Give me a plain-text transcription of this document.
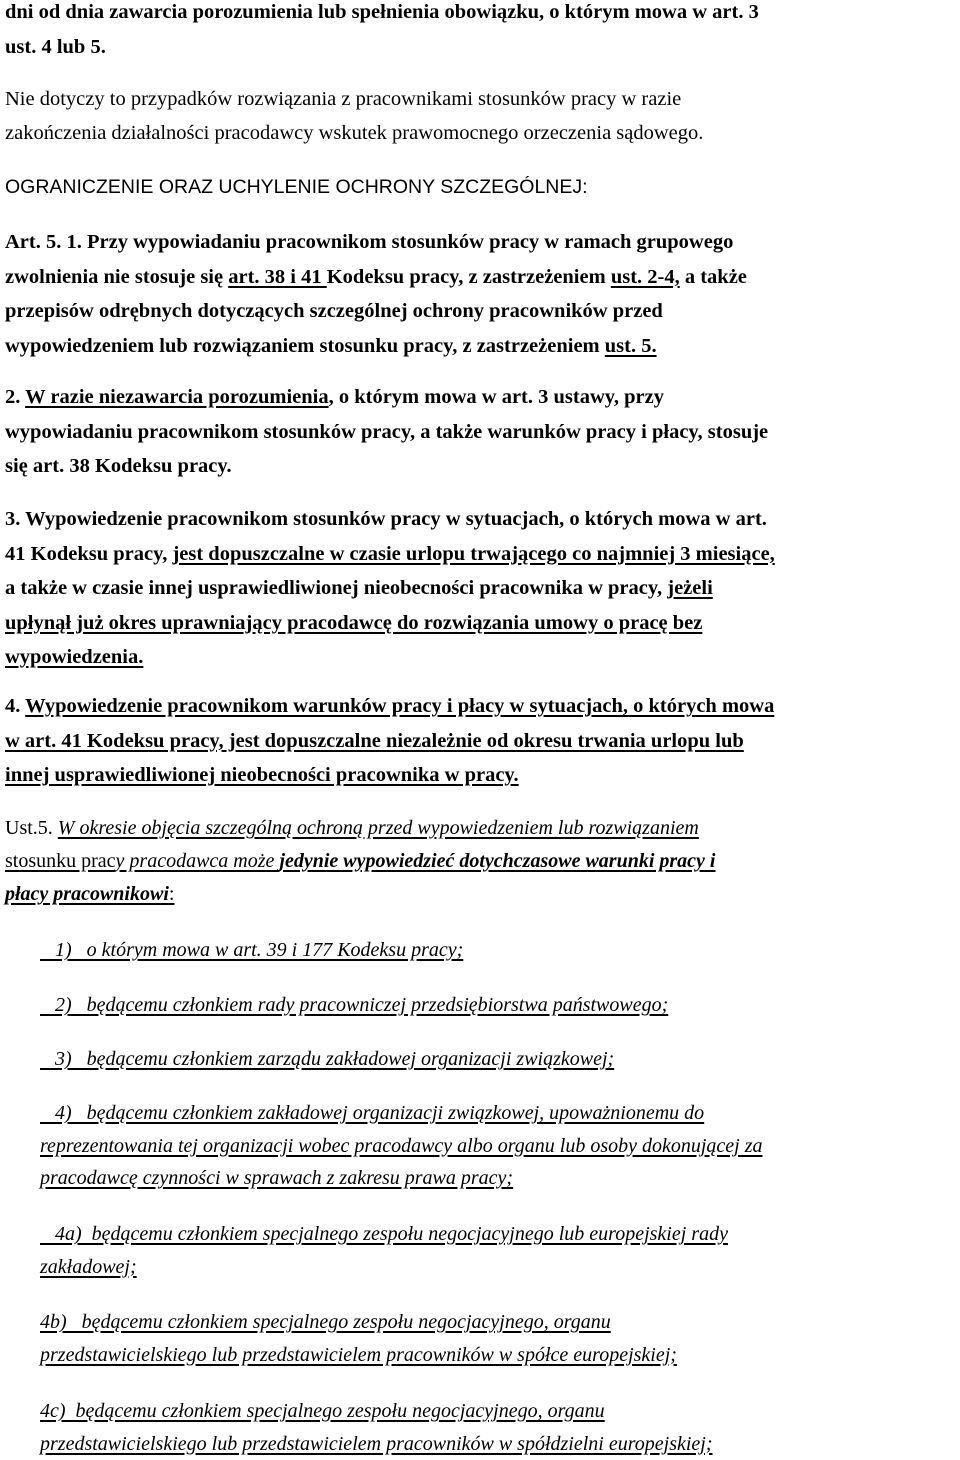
dni od dnia zawarcia porozumienia lub spełnienia obowiązku, o którym mowa w art. 3
ust. 4 lub 5.
Nie dotyczy to przypadków rozwiązania z pracownikami stosunków pracy w razie
zakończenia działalności pracodawcy wskutek prawomocnego orzeczenia sądowego.
OGRANICZENIE ORAZ UCHYLENIE OCHRONY SZCZEGÓLNEJ:
Art. 5. 1. Przy wypowiadaniu pracownikom stosunków pracy w ramach grupowego
zwolnienia nie stosuje się art. 38 i 41 Kodeksu pracy, z zastrzeżeniem ust. 2-4, a także
przepisów odrębnych dotyczących szczególnej ochrony pracowników przed
wypowiedzeniem lub rozwiązaniem stosunku pracy, z zastrzeżeniem ust. 5.
2. W razie niezawarcia porozumienia, o którym mowa w art. 3 ustawy, przy
wypowiadaniu pracownikom stosunków pracy, a także warunków pracy i płacy, stosuje
się art. 38 Kodeksu pracy.
3. Wypowiedzenie pracownikom stosunków pracy w sytuacjach, o których mowa w art.
41 Kodeksu pracy, jest dopuszczalne w czasie urlopu trwającego co najmniej 3 miesiące,
a także w czasie innej usprawiedliwionej nieobecności pracownika w pracy, jeżeli
upłynął już okres uprawniający pracodawcę do rozwiązania umowy o pracę bez
wypowiedzenia.
4. Wypowiedzenie pracownikom warunków pracy i płacy w sytuacjach, o których mowa
w art. 41 Kodeksu pracy, jest dopuszczalne niezależnie od okresu trwania urlopu lub
innej usprawiedliwionej nieobecności pracownika w pracy.
Ust.5. W okresie objęcia szczególną ochroną przed wypowiedzeniem lub rozwiązaniem
stosunku pracy pracodawca może jedynie wypowiedzieć dotychczasowe warunki pracy i
płacy pracownikowi:
1)   o którym mowa w art. 39 i 177 Kodeksu pracy;
2)   będącemu członkiem rady pracowniczej przedsiębiorstwa państwowego;
3)   będącemu członkiem zarządu zakładowej organizacji związkowej;
4)   będącemu członkiem zakładowej organizacji związkowej, upoważnionemu do
reprezentowania tej organizacji wobec pracodawcy albo organu lub osoby dokonującej za
pracodawcę czynności w sprawach z zakresu prawa pracy;
4a)  będącemu członkiem specjalnego zespołu negocjacyjnego lub europejskiej rady
zakładowej;
4b)   będącemu członkiem specjalnego zespołu negocjacyjnego, organu
przedstawicielskiego lub przedstawicielem pracowników w spółce europejskiej;
4c)  będącemu członkiem specjalnego zespołu negocjacyjnego, organu
przedstawicielskiego lub przedstawicielem pracowników w spółdzielni europejskiej;
